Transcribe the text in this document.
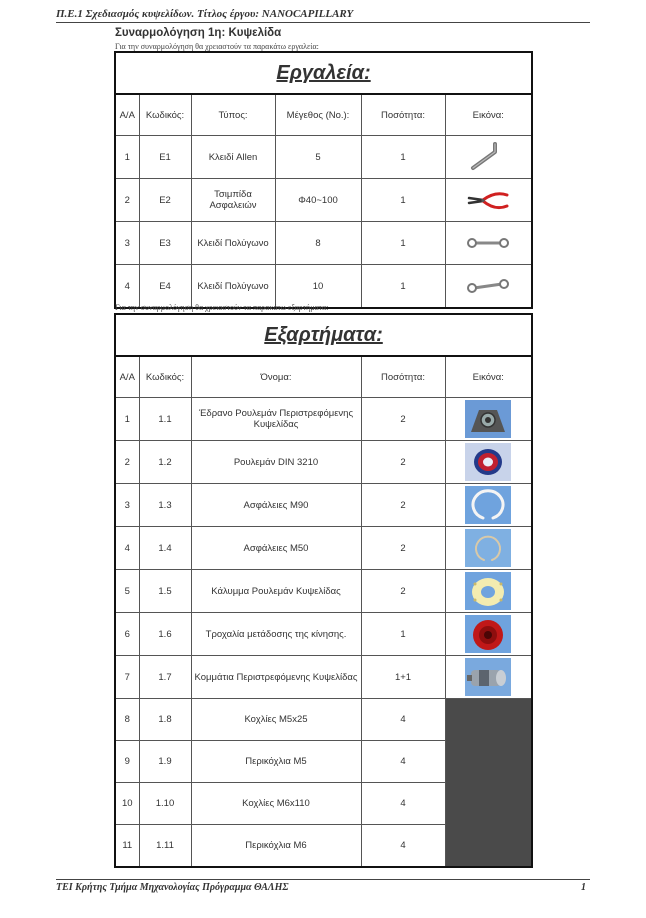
Π.Ε.1 Σχεδιασμός κυψελίδων. Τίτλος έργου: NANOCAPILLARY
Συναρμολόγηση 1η: Κυψελίδα
Για την συναρμολόγηση θα χρειαστούν τα παρακάτω εργαλεία:
Εργαλεία:					
Α/Α	Κωδικός:	Τύπος:	Μέγεθος (Νο.):	Ποσότητα:	Εικόνα:
1	Ε1	Κλειδί Allen	5	1	

2	Ε2	Τσιμπίδα Ασφαλειών	Φ40~100	1	

3	Ε3	Κλειδί Πολύγωνο	8	1	

4	Ε4	Κλειδί Πολύγωνο	10	1	
Για την συναρμολόγηση θα χρειαστούν τα παρακάτω εξαρτήματα:
Εξαρτήματα:				
Α/Α	Κωδικός:	Όνομα:	Ποσότητα:	Εικόνα:
1	1.1	Έδρανο Ρουλεμάν Περιστρεφόμενης Κυψελίδας	2	

2	1.2	Ρουλεμάν DIN 3210	2	

3	1.3	Ασφάλειες Μ90	2	

4	1.4	Ασφάλειες Μ50	2	

5	1.5	Κάλυμμα Ρουλεμάν Κυψελίδας	2	

6	1.6	Τροχαλία μετάδοσης της κίνησης.	1	

7	1.7	Κομμάτια Περιστρεφόμενης Κυψελίδας	1+1	

8	1.8	Κοχλίες Μ5x25	4	
9	1.9	Περικόχλια Μ5	4	
10	1.10	Κοχλίες Μ6x110	4	
11	1.11	Περικόχλια Μ6	4	
ΤΕΙ Κρήτης Τμήμα Μηχανολογίας Πρόγραμμα ΘΑΛΗΣ	1
